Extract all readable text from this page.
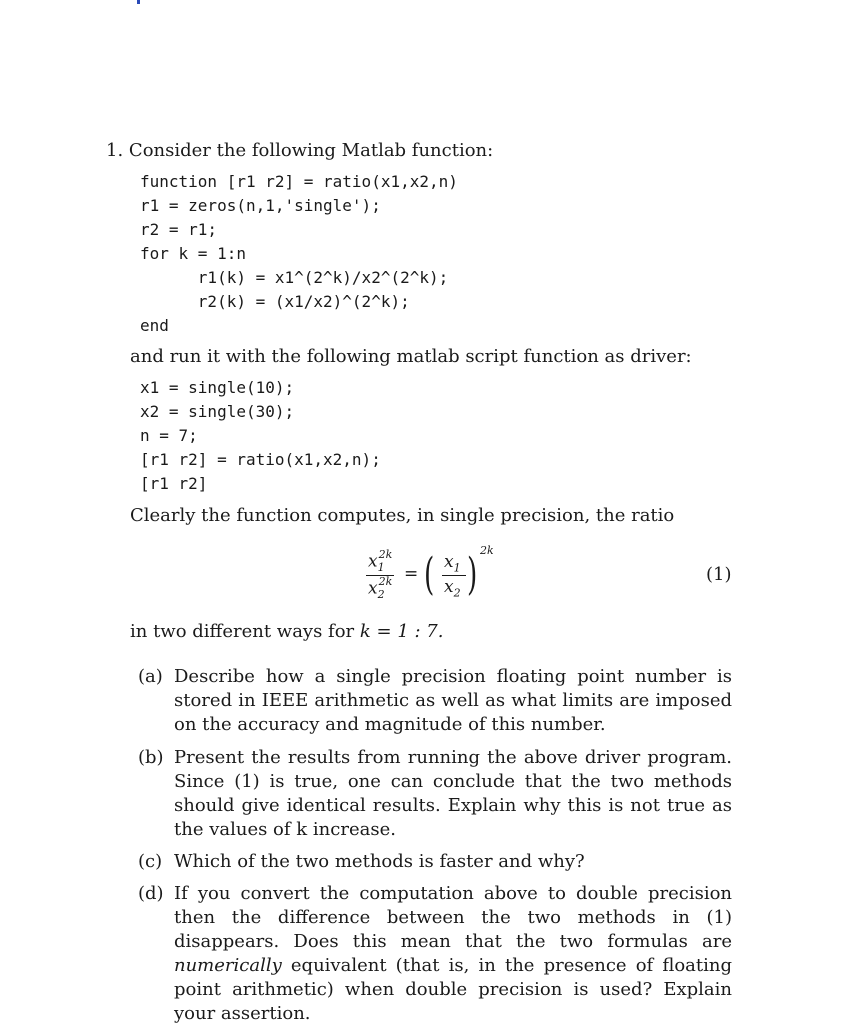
1. Consider the following Matlab function:
function [r1 r2] = ratio(x1,x2,n)
r1 = zeros(n,1,'single');
r2 = r1;
for k = 1:n
r1(k) = x1^(2^k)/x2^(2^k);
r2(k) = (x1/x2)^(2^k);
end
and run it with the following matlab script function as driver:
x1 = single(10);
x2 = single(30);
n = 7;
[r1 r2] = ratio(x1,x2,n);
[r1 r2]
Clearly the function computes, in single precision, the ratio
$x_1^{2k}$
$x_2^{2k}$ = ( $x_1$
$x_2$ ) 2k
(1)
in two different ways for k = 1 : 7.
(a) Describe how a single precision floating point number is stored in IEEE arithmetic as well as what limits are imposed on the accuracy and magnitude of this number.
(b) Present the results from running the above driver program. Since (1) is true, one can conclude that the two methods should give identical results. Explain why this is not true as the values of k increase.
(c) Which of the two methods is faster and why?
(d) If you convert the computation above to double precision then the difference between the two methods in (1) disappears. Does this mean that the two formulas are numerically equivalent (that is, in the presence of floating point arithmetic) when double precision is used? Explain your assertion.
